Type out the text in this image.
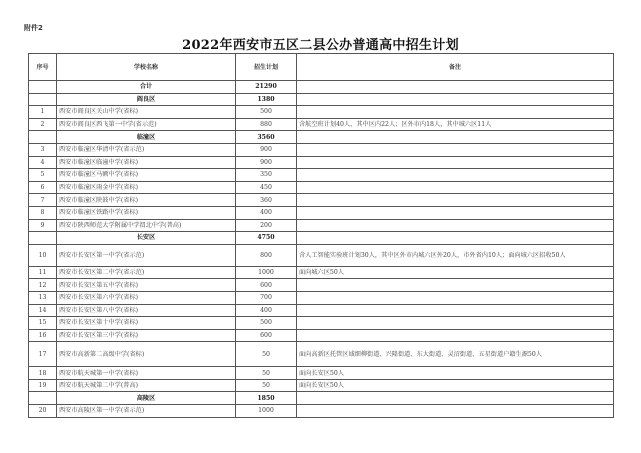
附件2
2022年西安市五区二县公办普通高中招生计划
序号	学校名称	招生计划	备注
	合计	21290	
	阎良区	1380	
1	西安市阎良区关山中学(省标)	500	
2	西安市阎良区西飞第一中学(省示范)	880	含航空班计划40人，其中区内22人；区外市内18人，其中城六区11人
	临潼区	3560	
3	西安市临潼区华清中学(省示范)	900	
4	西安市临潼区临潼中学(省标)	900	
5	西安市临潼区马额中学(省标)	350	
6	西安市临潼区雨金中学(省标)	450	
7	西安市临潼区陕鼓中学(省标)	360	
8	西安市临潼区铁路中学(省标)	400	
9	西安市陕西师范大学附属中学渭北中学(普高)	200	
	长安区	4750	
10	西安市长安区第一中学(省示范)	800	含人工智能实验班计划30人，其中区外市内城六区外20人，市外省内10人；面向城六区招收50人
11	西安市长安区第二中学(省示范)	1000	面向城六区50人
12	西安市长安区第五中学(省标)	600	
13	西安市长安区第六中学(省标)	700	
14	西安市长安区第八中学(省标)	400	
15	西安市长安区第十中学(省标)	500	
16	西安市长安区第三中学(省标)	600	
17	西安市高新第二高级中学(省标)	50	面向高新区托管区域细柳街道、兴隆街道、东大街道、灵沼街道、五星街道户籍生源50人
18	西安市航天城第一中学(省标)	50	面向长安区50人
19	西安市航天城第二中学(普高)	50	面向长安区50人
	高陵区	1850	
20	西安市高陵区第一中学(省示范)	1000	
